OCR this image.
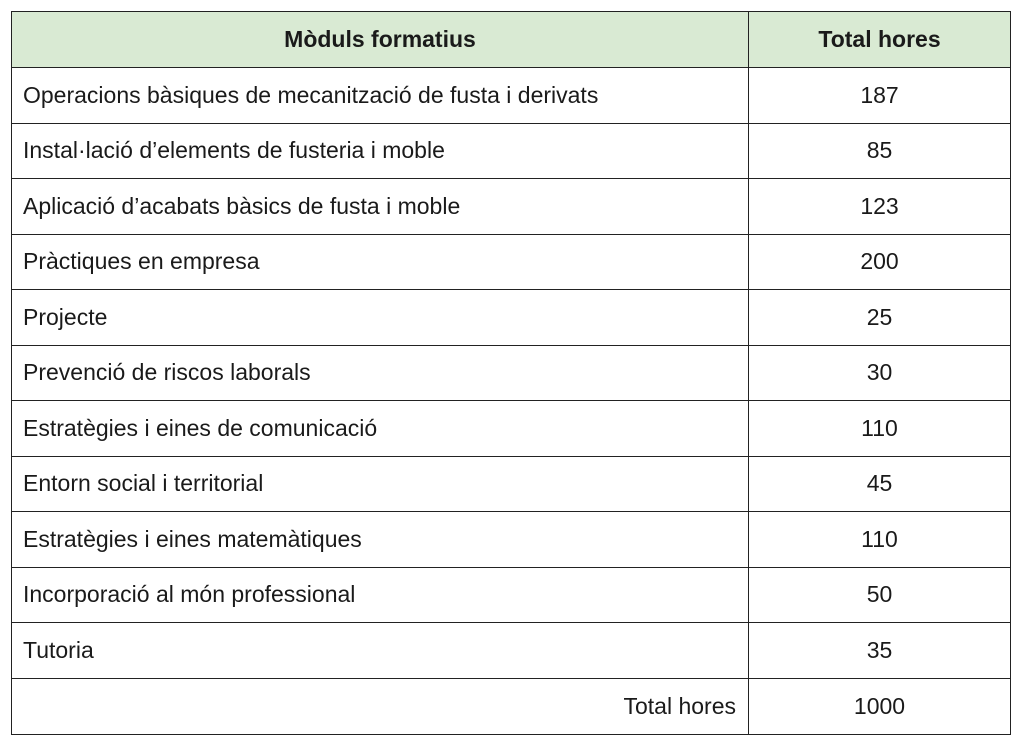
Mòduls formatius	Total hores
Operacions bàsiques de mecanització de fusta i derivats	187
Instal·lació d’elements de fusteria i moble	85
Aplicació d’acabats bàsics de fusta i moble	123
Pràctiques en empresa	200
Projecte	25
Prevenció de riscos laborals	30
Estratègies i eines de comunicació	110
Entorn social i territorial	45
Estratègies i eines matemàtiques	110
Incorporació al món professional	50
Tutoria	35
Total hores	1000
